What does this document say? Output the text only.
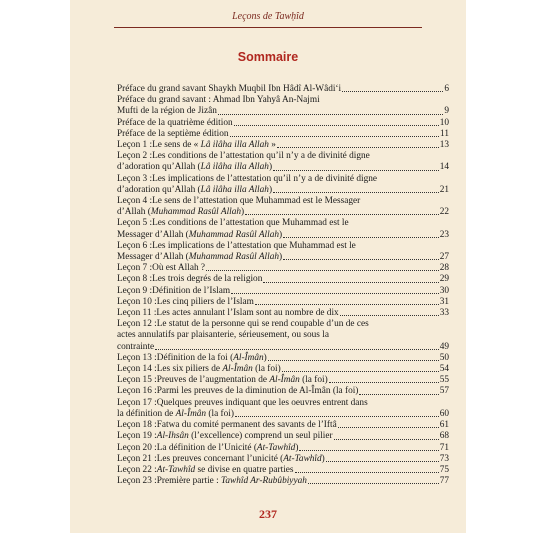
Leçons de Tawḥîd
Sommaire
Préface du grand savant Shaykh Muqbil Ibn Hâdî Al-Wâdi‘i	6
Préface du grand savant : Ahmad Ibn Yahyâ An-Najmi
Mufti de la région de Jizân	9
Préface de la quatrième édition	10
Préface de la septième édition	11
Leçon 1 :Le sens de « Lâ ilâha illa Allah »	13
Leçon 2 :Les conditions de l’attestation qu’il n’y a de divinité digne
d’adoration qu’Allah (Lâ ilâha illa Allah)	14
Leçon 3 :Les implications de l’attestation qu’il n’y a de divinité digne
d’adoration qu’Allah (Lâ ilâha illa Allah)	21
Leçon 4 :Le sens de l’attestation que Muhammad est le Messager
d’Allah (Muhammad Rasûl Allah)	22
Leçon 5 :Les conditions de l’attestation que Muhammad est le
Messager d’Allah (Muhammad Rasûl Allah)	23
Leçon 6 :Les implications de l’attestation que Muhammad est le
Messager d’Allah (Muhammad Rasûl Allah)	27
Leçon 7 :Où est Allah ?	28
Leçon 8 :Les trois degrés de la religion	29
Leçon 9 :Définition de l’Islam	30
Leçon 10 :Les cinq piliers de l’Islam	31
Leçon 11 :Les actes annulant l’Islam sont au nombre de dix	33
Leçon 12 :Le statut de la personne qui se rend coupable d’un de ces
actes annulatifs par plaisanterie, sérieusement, ou sous la
contrainte	49
Leçon 13 :Définition de la foi (Al-Îmân)	50
Leçon 14 :Les six piliers de Al-Îmân (la foi)	54
Leçon 15 :Preuves de l’augmentation de Al-Îmân (la foi)	55
Leçon 16 :Parmi les preuves de la diminution de Al-Îmân (la foi)	57
Leçon 17 :Quelques preuves indiquant que les oeuvres entrent dans
la définition de Al-Îmân (la foi)	60
Leçon 18 :Fatwa du comité permanent des savants de l’Iftâ	61
Leçon 19 :Al-Ihsân (l’excellence) comprend un seul pilier	68
Leçon 20 :La définition de l’Unicité (At-Tawhîd)	71
Leçon 21 :Les preuves concernant l’unicité (At-Tawhîd)	73
Leçon 22 :At-Tawhîd se divise en quatre parties	75
Leçon 23 :Première partie : Tawhîd Ar-Rubûbiyyah	77
237
